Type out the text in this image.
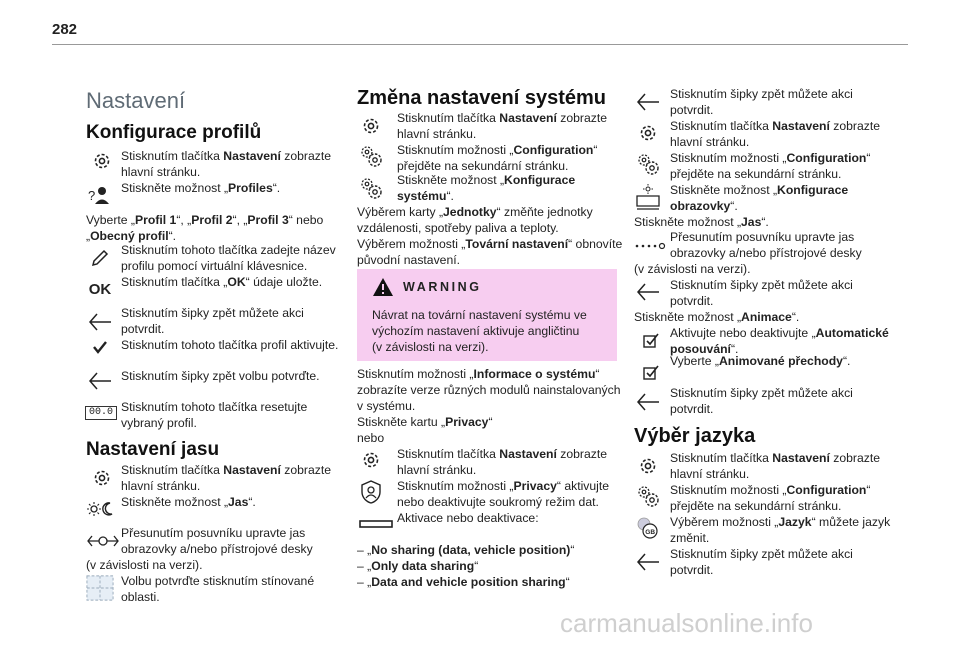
282
Nastavení
Konfigurace profilů
Stisknutím tlačítka Nastavení zobrazte
hlavní stránku.
? Stiskněte možnost „Profiles“.
Vyberte „Profil 1“, „Profil 2“, „Profil 3“ nebo
„Obecný profil“.
Stisknutím tohoto tlačítka zadejte název
profilu pomocí virtuální klávesnice.
OK Stisknutím tlačítka „OK“ údaje uložte.
Stisknutím šipky zpět můžete akci
potvrdit.
Stisknutím tohoto tlačítka profil aktivujte.
Stisknutím šipky zpět volbu potvrďte.
00.0 Stisknutím tohoto tlačítka resetujte
vybraný profil.
Nastavení jasu
Stisknutím tlačítka Nastavení zobrazte
hlavní stránku.
Stiskněte možnost „Jas“.
Přesunutím posuvníku upravte jas
obrazovky a/nebo přístrojové desky
(v závislosti na verzi).
Volbu potvrďte stisknutím stínované
oblasti.
Změna nastavení systému
Stisknutím tlačítka Nastavení zobrazte
hlavní stránku.
Stisknutím možnosti „Configuration“
přejděte na sekundární stránku.
Stiskněte možnost „Konfigurace
systému“.
Výběrem karty „Jednotky“ změňte jednotky
vzdálenosti, spotřeby paliva a teploty.
Výběrem možnosti „Tovární nastavení“ obnovíte
původní nastavení.
WARNING
Návrat na tovární nastavení systému ve
výchozím nastavení aktivuje angličtinu
(v závislosti na verzi).
Stisknutím možnosti „Informace o systému“
zobrazíte verze různých modulů nainstalovaných
v systému.
Stiskněte kartu „Privacy“
nebo
Stisknutím tlačítka Nastavení zobrazte
hlavní stránku.
Stisknutím možnosti „Privacy“ aktivujte
nebo deaktivujte soukromý režim dat.
Aktivace nebo deaktivace:
– „No sharing (data, vehicle position)“
– „Only data sharing“
– „Data and vehicle position sharing“
Stisknutím šipky zpět můžete akci
potvrdit.
Stisknutím tlačítka Nastavení zobrazte
hlavní stránku.
Stisknutím možnosti „Configuration“
přejděte na sekundární stránku.
Stiskněte možnost „Konfigurace
obrazovky“.
Stiskněte možnost „Jas“.
Přesunutím posuvníku upravte jas
obrazovky a/nebo přístrojové desky
(v závislosti na verzi).
Stisknutím šipky zpět můžete akci
potvrdit.
Stiskněte možnost „Animace“.
Aktivujte nebo deaktivujte „Automatické
posouvání“.
Vyberte „Animované přechody“.
Stisknutím šipky zpět můžete akci
potvrdit.
Výběr jazyka
Stisknutím tlačítka Nastavení zobrazte
hlavní stránku.
Stisknutím možnosti „Configuration“
přejděte na sekundární stránku.
GB
Výběrem možnosti „Jazyk“ můžete jazyk
změnit.
Stisknutím šipky zpět můžete akci
potvrdit.
carmanualsonline.info
